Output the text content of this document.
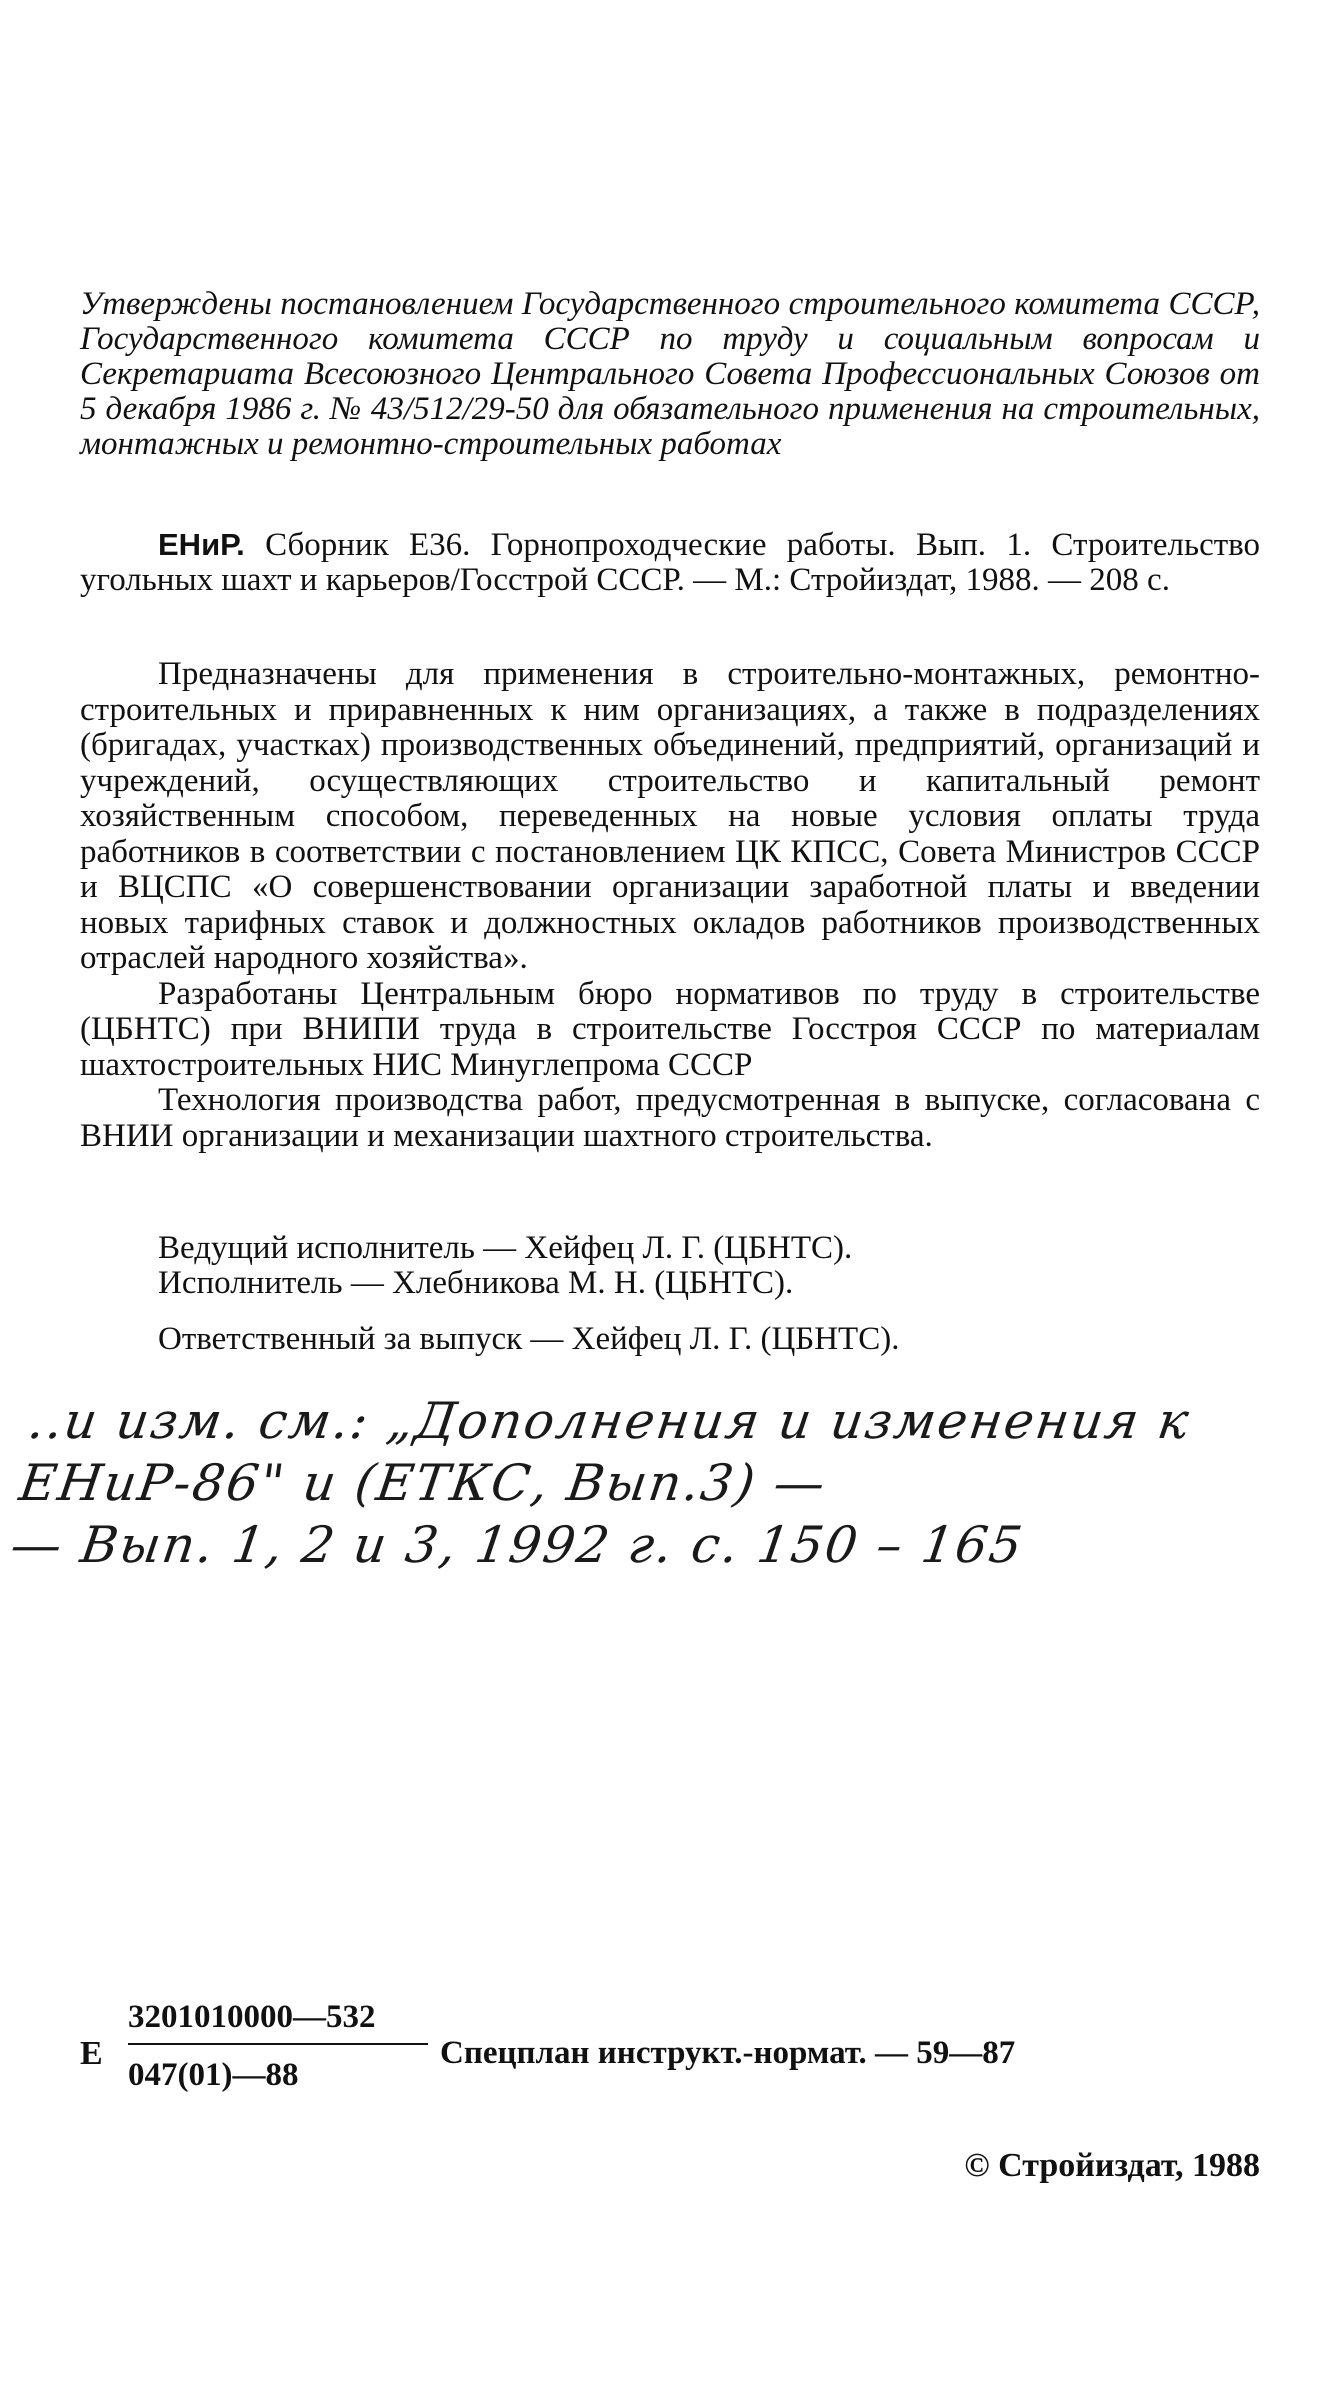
Утверждены постановлением Государственного строительного комитета СССР, Государственного комитета СССР по труду и социальным вопросам и Секретариата Всесоюзного Центрального Совета Профессиональных Союзов от 5 декабря 1986 г. № 43/512/29-50 для обязательного применения на строительных, монтажных и ремонтно-строительных работах
ЕНиР. Сборник Е36. Горнопроходческие работы. Вып. 1. Строительство угольных шахт и карьеров/Госстрой СССР. — М.: Стройиздат, 1988. — 208 с.

Предназначены для применения в строительно-монтажных, ремонтно-строительных и приравненных к ним организациях, а также в подразделениях (бригадах, участках) производственных объединений, предприятий, организаций и учреждений, осуществляющих строительство и капитальный ремонт хозяйственным способом, переведенных на новые условия оплаты труда работников в соответствии с постановлением ЦК КПСС, Совета Министров СССР и ВЦСПС «О совершенствовании организации заработной платы и введении новых тарифных ставок и должностных окладов работников производственных отраслей народного хозяйства».

Разработаны Центральным бюро нормативов по труду в строительстве (ЦБНТС) при ВНИПИ труда в строительстве Госстроя СССР по материалам шахтостроительных НИС Минуглепрома СССР

Технология производства работ, предусмотренная в выпуске, согласована с ВНИИ организации и механизации шахтного строительства.

Ведущий исполнитель — Хейфец Л. Г. (ЦБНТС).
Исполнитель — Хлебникова М. Н. (ЦБНТС).
Ответственный за выпуск — Хейфец Л. Г. (ЦБНТС).
..и изм. см.: „Дополнения и изменения к
ЕНиР-86" и (ЕТКС, Вып.3) —
— Вып. 1, 2 и 3, 1992 г. с. 150 – 165
Е
3201010000—532
047(01)—88
Спецплан инструкт.-нормат. — 59—87
© Стройиздат, 1988
